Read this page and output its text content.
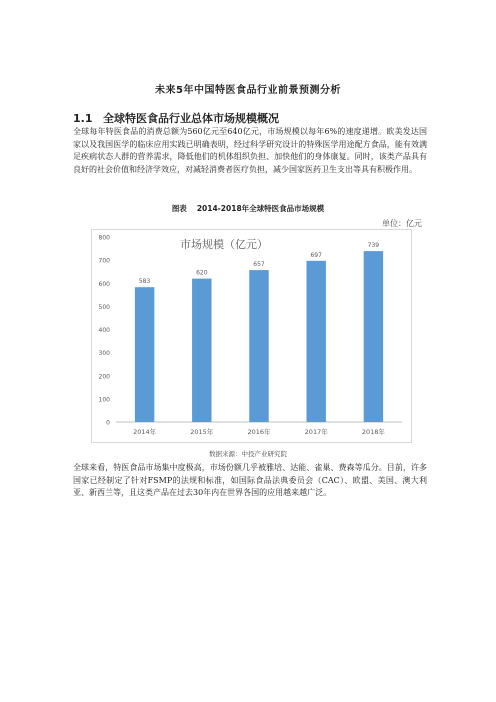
未来5年中国特医食品行业前景预测分析
1.1 全球特医食品行业总体市场规模概况

全球每年特医食品的消费总额为560亿元至640亿元，市场规模以每年6%的速度递增。欧美发达国家以及我国医学的临床应用实践已明确表明，经过科学研究设计的特殊医学用途配方食品，能有效满足疾病状态人群的营养需求，降低他们的机体组织负担、加快他们的身体康复。同时，该类产品具有良好的社会价值和经济学效应，对减轻消费者医疗负担，减少国家医药卫生支出等具有积极作用。

图表 2014-2018年全球特医食品市场规模
单位：亿元
市场规模（亿元）
0
100
200
300
400
500
600
700
800
583
2014年
620
2015年
657
2016年
697
2017年
739
2018年
数据来源：中投产业研究院

全球来看，特医食品市场集中度极高，市场份额几乎被雅培、达能、雀巢、费森等瓜分。目前，许多国家已经制定了针对FSMP的法规和标准，如国际食品法典委员会（CAC）、欧盟、美国、澳大利亚、新西兰等，且这类产品在过去30年内在世界各国的应用越来越广泛。
